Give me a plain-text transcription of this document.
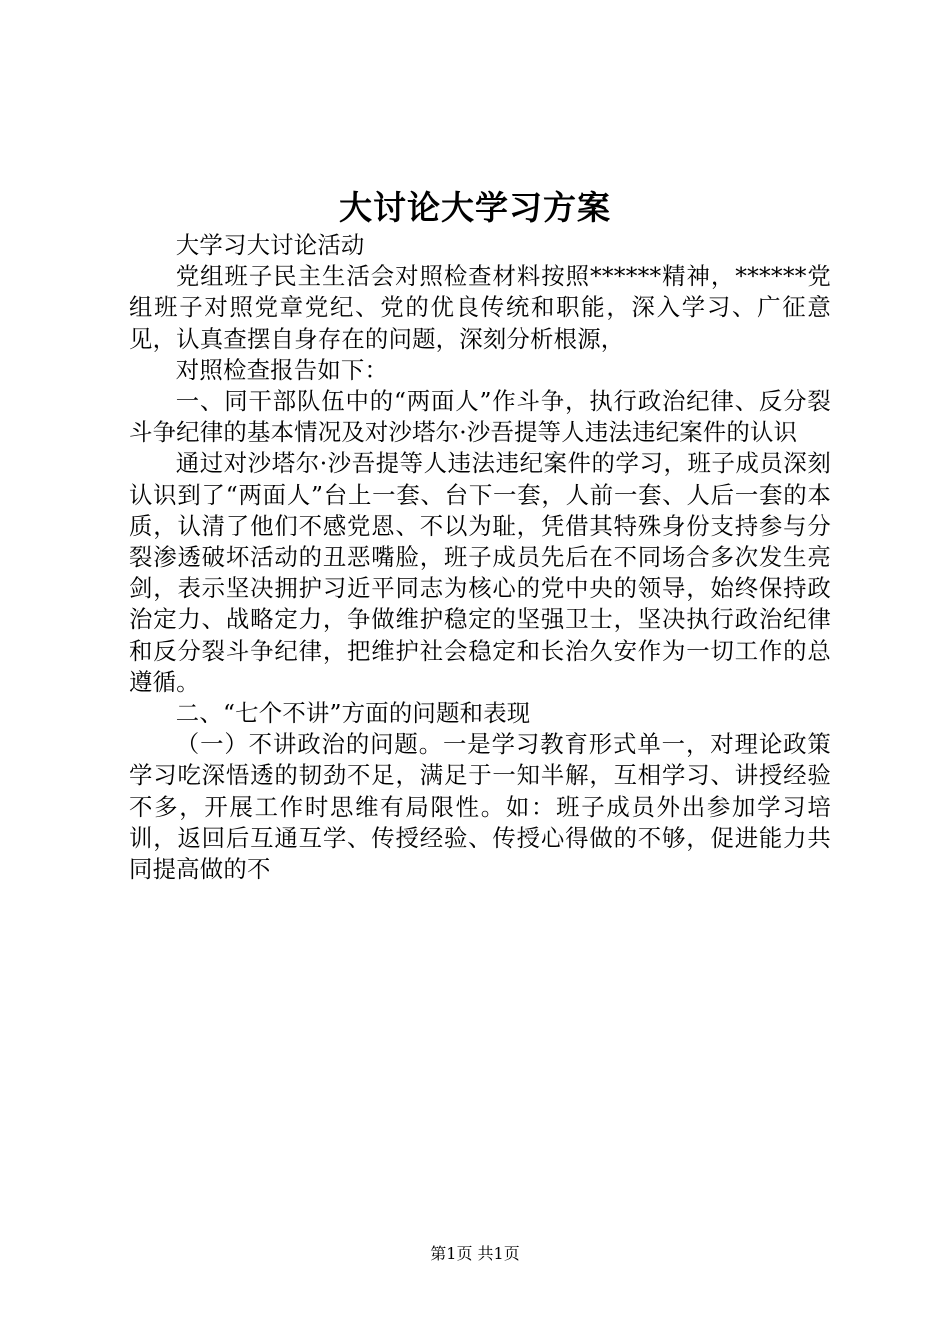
大讨论大学习方案

大学习大讨论活动

党组班子民主生活会对照检查材料按照******精神，******党组班子对照党章党纪、党的优良传统和职能，深入学习、广征意见，认真查摆自身存在的问题，深刻分析根源，

对照检查报告如下：

一、同干部队伍中的“两面人”作斗争，执行政治纪律、反分裂斗争纪律的基本情况及对沙塔尔·沙吾提等人违法违纪案件的认识

通过对沙塔尔·沙吾提等人违法违纪案件的学习，班子成员深刻认识到了“两面人”台上一套、台下一套，人前一套、人后一套的本质，认清了他们不感党恩、不以为耻，凭借其特殊身份支持参与分裂渗透破坏活动的丑恶嘴脸，班子成员先后在不同场合多次发生亮剑，表示坚决拥护习近平同志为核心的党中央的领导，始终保持政治定力、战略定力，争做维护稳定的坚强卫士，坚决执行政治纪律和反分裂斗争纪律，把维护社会稳定和长治久安作为一切工作的总遵循。

二、“七个不讲”方面的问题和表现

（一）不讲政治的问题。一是学习教育形式单一，对理论政策学习吃深悟透的韧劲不足，满足于一知半解，互相学习、讲授经验不多，开展工作时思维有局限性。如：班子成员外出参加学习培训，返回后互通互学、传授经验、传授心得做的不够，促进能力共同提高做的不

第1页 共1页
